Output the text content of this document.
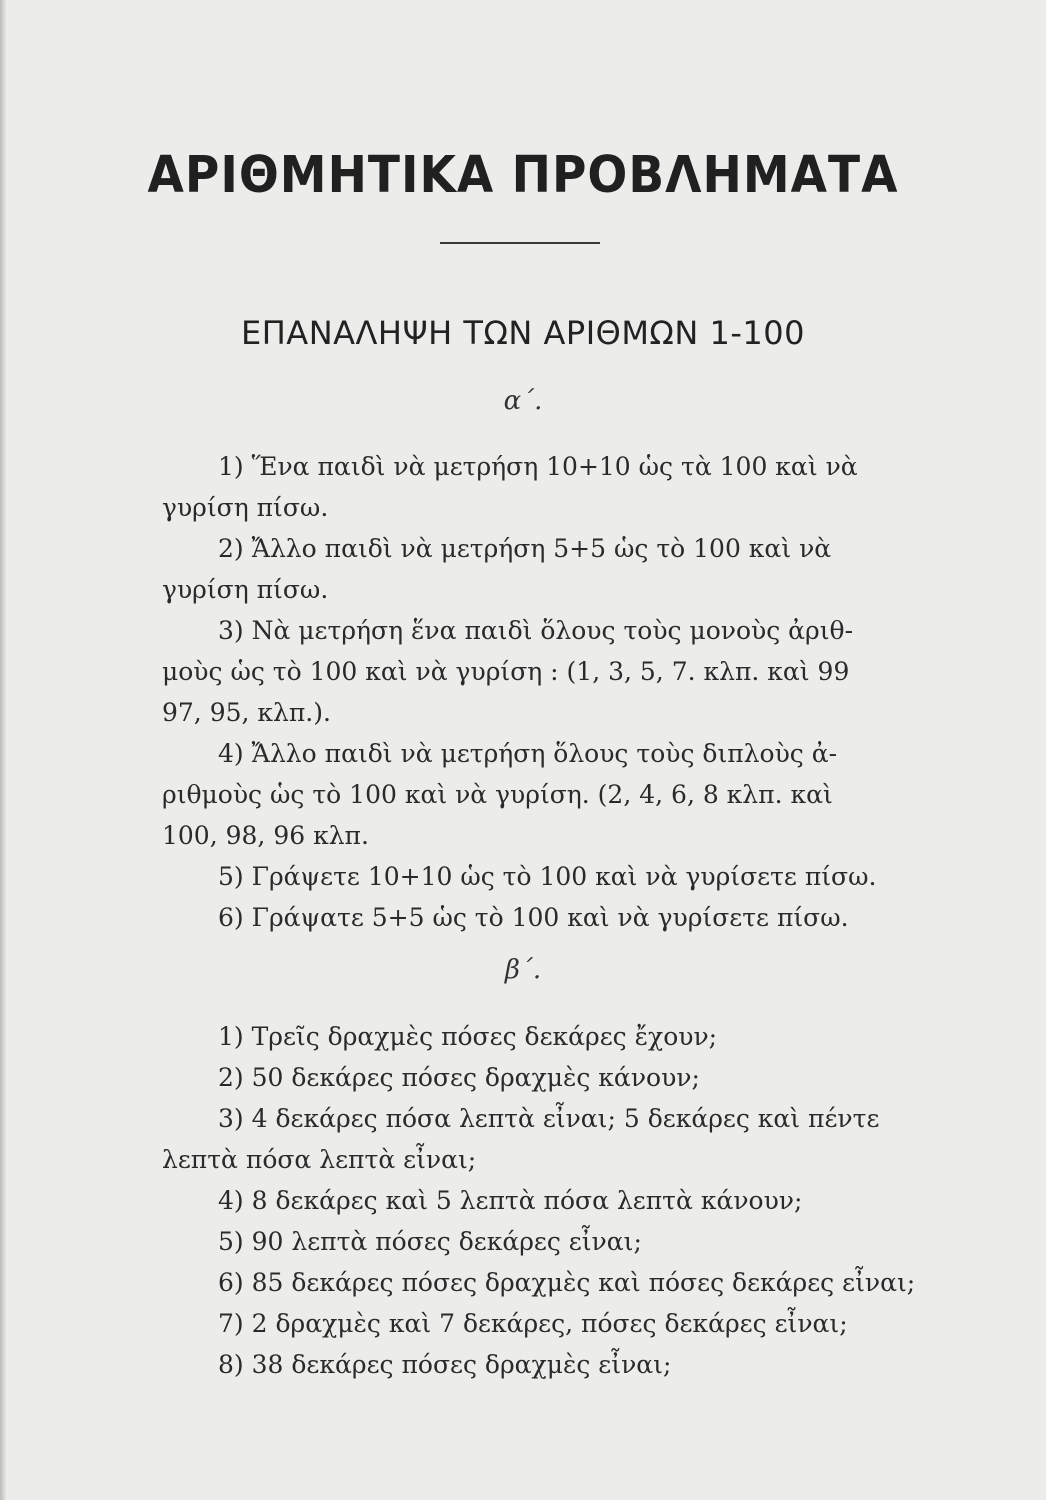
ΑΡΙΘΜΗΤΙΚΑ ΠΡΟΒΛΗΜΑΤΑ
ΕΠΑΝΑΛΗΨΗ ΤΩΝ ΑΡΙΘΜΩΝ 1-100
α΄.
1) Ἕνα παιδὶ νὰ μετρήση 10+10 ὡς τὰ 100 καὶ νὰ
γυρίση πίσω.
2) Ἄλλο παιδὶ νὰ μετρήση 5+5 ὡς τὸ 100 καὶ νὰ
γυρίση πίσω.
3) Νὰ μετρήση ἕνα παιδὶ ὅλους τοὺς μονοὺς ἀριθ-
μοὺς ὡς τὸ 100 καὶ νὰ γυρίση : (1, 3, 5, 7. κλπ. καὶ 99
97, 95, κλπ.).
4) Ἄλλο παιδὶ νὰ μετρήση ὅλους τοὺς διπλοὺς ἀ-
ριθμοὺς ὡς τὸ 100 καὶ νὰ γυρίση. (2, 4, 6, 8 κλπ. καὶ
100, 98, 96 κλπ.
5) Γράψετε 10+10 ὡς τὸ 100 καὶ νὰ γυρίσετε πίσω.
6) Γράψατε 5+5 ὡς τὸ 100 καὶ νὰ γυρίσετε πίσω.
β΄.
1) Τρεῖς δραχμὲς πόσες δεκάρες ἔχουν;
2) 50 δεκάρες πόσες δραχμὲς κάνουν;
3) 4 δεκάρες πόσα λεπτὰ εἶναι; 5 δεκάρες καὶ πέντε
λεπτὰ πόσα λεπτὰ εἶναι;
4) 8 δεκάρες καὶ 5 λεπτὰ πόσα λεπτὰ κάνουν;
5) 90 λεπτὰ πόσες δεκάρες εἶναι;
6) 85 δεκάρες πόσες δραχμὲς καὶ πόσες δεκάρες εἶναι;
7) 2 δραχμὲς καὶ 7 δεκάρες, πόσες δεκάρες εἶναι;
8) 38 δεκάρες πόσες δραχμὲς εἶναι;
